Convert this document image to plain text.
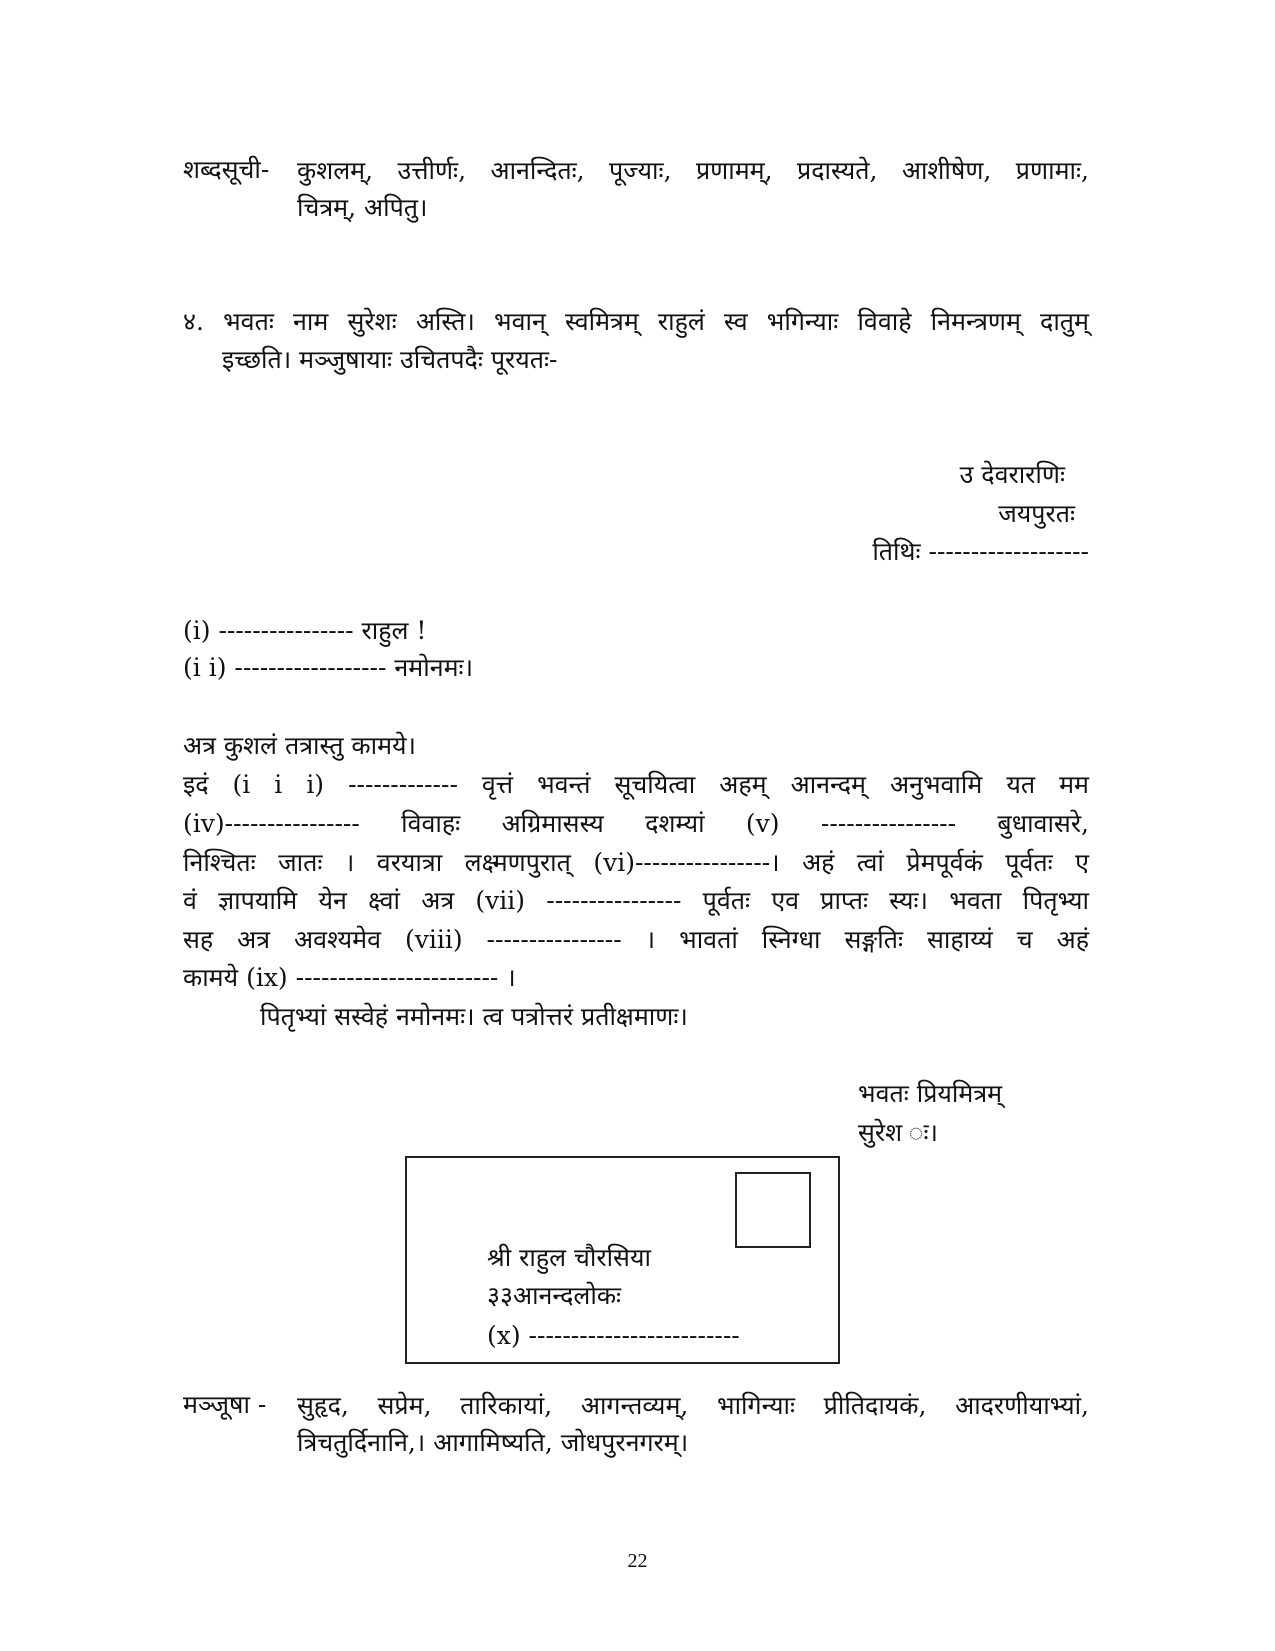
शब्दसूची- कुशलम्, उत्तीर्णः, आनन्दितः, पूज्याः, प्रणामम्, प्रदास्यते, आशीषेण, प्रणामाः,
चित्रम्, अपितु।
४. भवतः नाम सुरेशः अस्ति। भवान् स्वमित्रम् राहुलं स्व भगिन्याः विवाहे निमन्त्रणम् दातुम्
इच्छति। मञ्जुषायाः उचितपदैः पूरयतः-
उ देवरारणिः
जयपुरतः
तिथिः -------------------
(i) ---------------- राहुल !
(i i) ------------------ नमोनमः।
अत्र कुशलं तत्रास्तु कामये।
इदं (i i i) ------------- वृत्तं भवन्तं सूचयित्वा अहम् आनन्दम् अनुभवामि यत मम
(iv)---------------- विवाहः अग्रिमासस्य दशम्यां (v) ---------------- बुधावासरे,
निश्चितः जातः । वरयात्रा लक्ष्मणपुरात् (vi)----------------। अहं त्वां प्रेमपूर्वकं पूर्वतः ए
वं ज्ञापयामि येन क्ष्वां अत्र (vii) ---------------- पूर्वतः एव प्राप्तः स्यः। भवता पितृभ्या
सह अत्र अवश्यमेव (viii) ---------------- । भावतां स्निग्धा सङ्गतिः साहाय्यं च अहं
कामये (ix) ------------------------ ।
पितृभ्यां सस्वेहं नमोनमः। त्व पत्रोत्तरं प्रतीक्षमाणः।
भवतः प्रियमित्रम्
सुरेश ः।
श्री राहुल चौरसिया
३३आनन्दलोकः
(x) -------------------------
मञ्जूषा - सुहृद, सप्रेम, तारिकायां, आगन्तव्यम्, भागिन्याः प्रीतिदायकं, आदरणीयाभ्यां,
त्रिचतुर्दिनानि,। आगामिष्यति, जोधपुरनगरम्।
22
